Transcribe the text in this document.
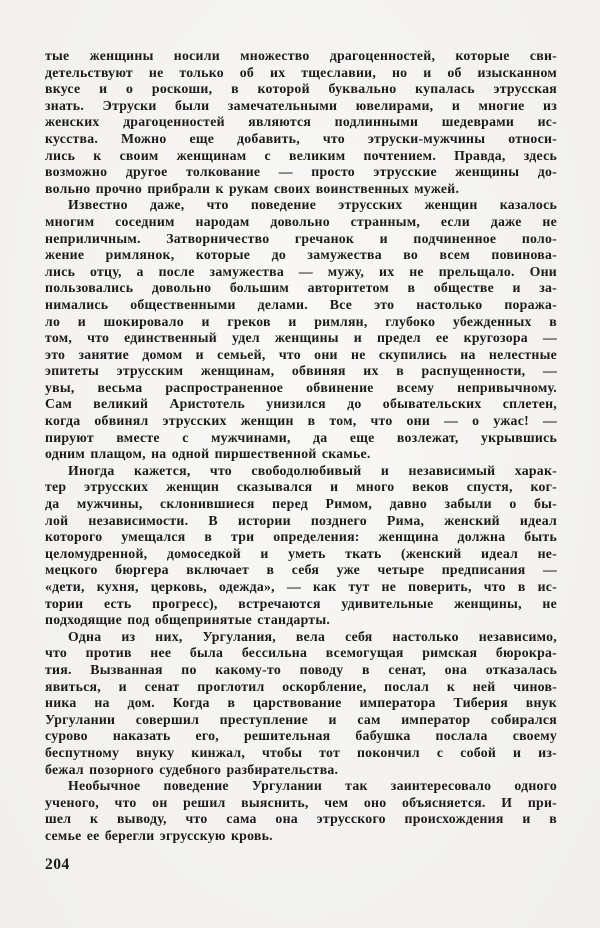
тые женщины носили множество драгоценностей, которые сви-
детельствуют не только об их тщеславии, но и об изысканном
вкусе и о роскоши, в которой буквально купалась этрусская
знать. Этруски были замечательными ювелирами, и многие из
женских драгоценностей являются подлинными шедеврами ис-
кусства. Можно еще добавить, что этруски-мужчины относи-
лись к своим женщинам с великим почтением. Правда, здесь
возможно другое толкование — просто этрусские женщины до-
вольно прочно прибрали к рукам своих воинственных мужей.
Известно даже, что поведение этрусских женщин казалось
многим соседним народам довольно странным, если даже не
неприличным. Затворничество гречанок и подчиненное поло-
жение римлянок, которые до замужества во всем повинова-
лись отцу, а после замужества — мужу, их не прельщало. Они
пользовались довольно большим авторитетом в обществе и за-
нимались общественными делами. Все это настолько поража-
ло и шокировало и греков и римлян, глубоко убежденных в
том, что единственный удел женщины и предел ее кругозора —
это занятие домом и семьей, что они не скупились на нелестные
эпитеты этрусским женщинам, обвиняя их в распущенности, —
увы, весьма распространенное обвинение всему непривычному.
Сам великий Аристотель унизился до обывательских сплетен,
когда обвинял этрусских женщин в том, что они — о ужас! —
пируют вместе с мужчинами, да еще возлежат, укрывшись
одним плащом, на одной пиршественной скамье.
Иногда кажется, что свободолюбивый и независимый харак-
тер этрусских женщин сказывался и много веков спустя, ког-
да мужчины, склонившиеся перед Римом, давно забыли о бы-
лой независимости. В истории позднего Рима, женский идеал
которого умещался в три определения: женщина должна быть
целомудренной, домоседкой и уметь ткать (женский идеал не-
мецкого бюргера включает в себя уже четыре предписания —
«дети, кухня, церковь, одежда», — как тут не поверить, что в ис-
тории есть прогресс), встречаются удивительные женщины, не
подходящие под общепринятые стандарты.
Одна из них, Ургулания, вела себя настолько независимо,
что против нее была бессильна всемогущая римская бюрокра-
тия. Вызванная по какому-то поводу в сенат, она отказалась
явиться, и сенат проглотил оскорбление, послал к ней чинов-
ника на дом. Когда в царствование императора Тиберия внук
Ургулании совершил преступление и сам император собирался
сурово наказать его, решительная бабушка послала своему
беспутному внуку кинжал, чтобы тот покончил с собой и из-
бежал позорного судебного разбирательства.
Необычное поведение Ургулании так заинтересовало одного
ученого, что он решил выяснить, чем оно объясняется. И при-
шел к выводу, что сама она этрусского происхождения и в
семье ее берегли эгрусскую кровь.
204
